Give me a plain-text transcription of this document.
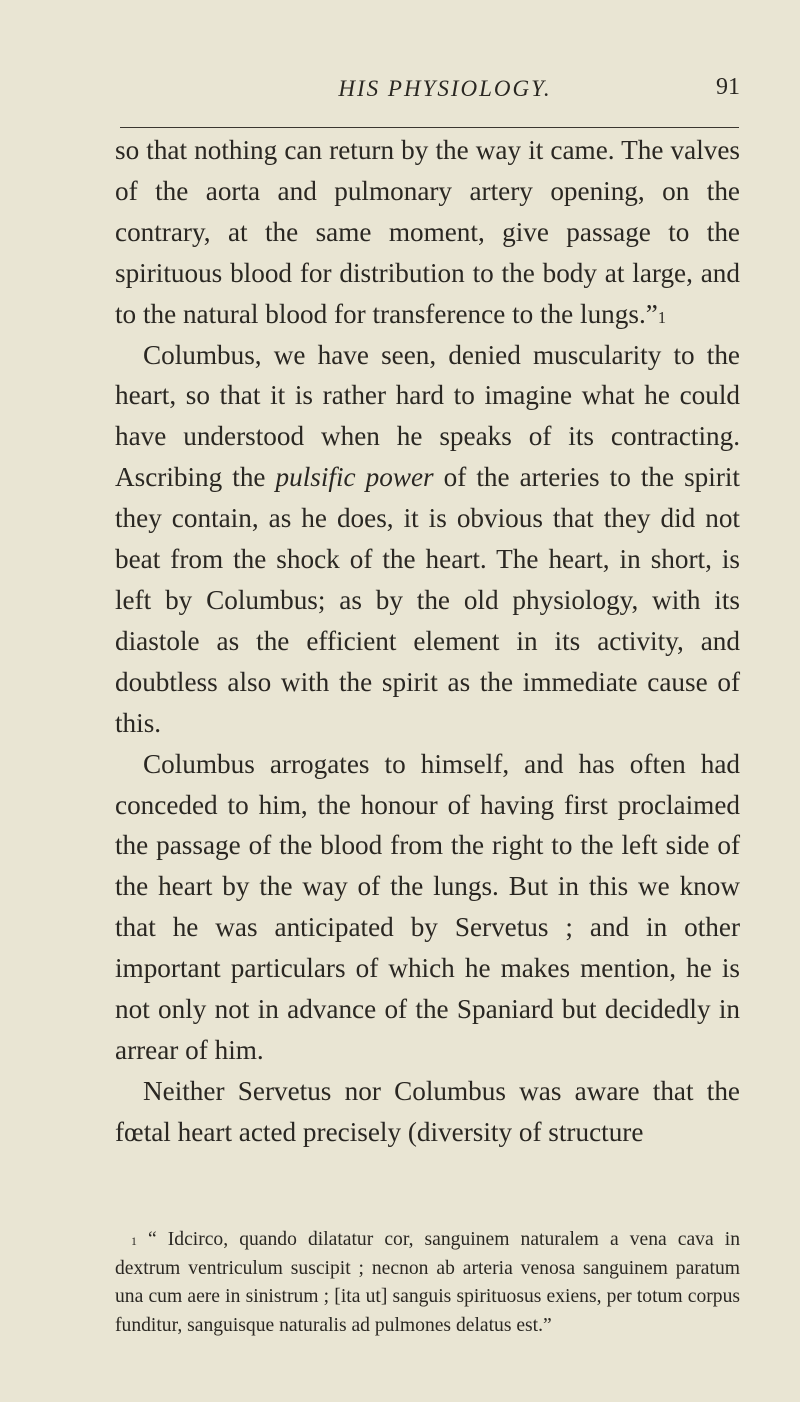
HIS PHYSIOLOGY.	91

so that nothing can return by the way it came. The valves of the aorta and pulmonary artery opening, on the contrary, at the same moment, give passage to the spirituous blood for distribution to the body at large, and to the natural blood for transference to the lungs.”$^1$

Columbus, we have seen, denied muscularity to the heart, so that it is rather hard to imagine what he could have understood when he speaks of its contracting. Ascribing the pulsific power of the arteries to the spirit they contain, as he does, it is obvious that they did not beat from the shock of the heart. The heart, in short, is left by Columbus; as by the old physiology, with its diastole as the efficient element in its activity, and doubtless also with the spirit as the immediate cause of this.

Columbus arrogates to himself, and has often had conceded to him, the honour of having first proclaimed the passage of the blood from the right to the left side of the heart by the way of the lungs. But in this we know that he was anticipated by Servetus ; and in other important particulars of which he makes mention, he is not only not in advance of the Spaniard but decidedly in arrear of him.

Neither Servetus nor Columbus was aware that the fœtal heart acted precisely (diversity of structure

$^1$ “ Idcirco, quando dilatatur cor, sanguinem naturalem a vena cava in dextrum ventriculum suscipit ; necnon ab arteria venosa sanguinem paratum una cum aere in sinistrum ; [ita ut] sanguis spirituosus exiens, per totum corpus funditur, sanguisque naturalis ad pulmones delatus est.”
